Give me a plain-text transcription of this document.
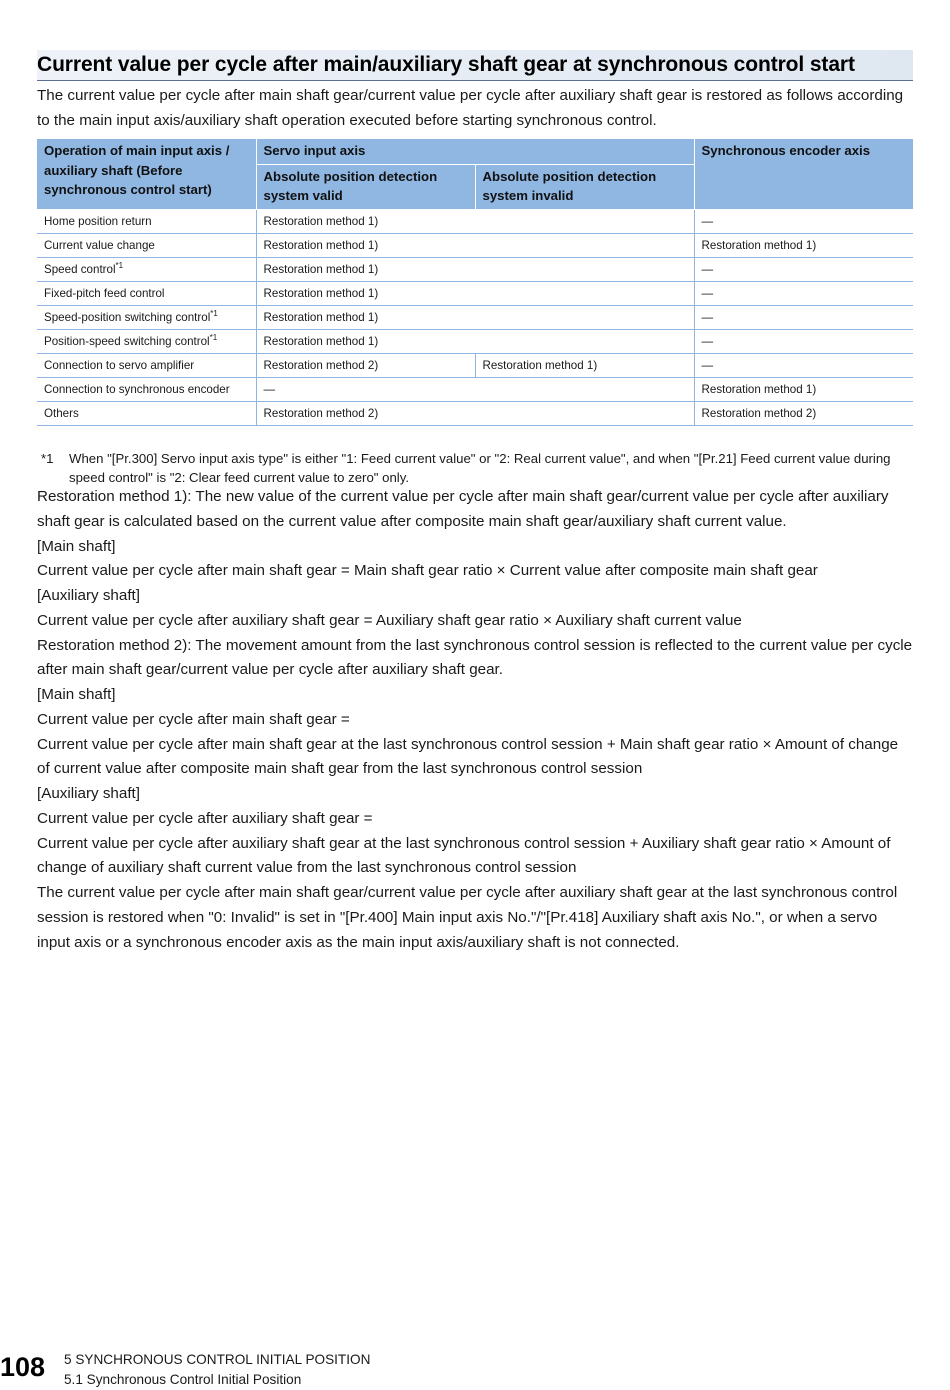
Current value per cycle after main/auxiliary shaft gear at synchronous control start

The current value per cycle after main shaft gear/current value per cycle after auxiliary shaft gear is restored as follows according to the main input axis/auxiliary shaft operation executed before starting synchronous control.

Operation of main input axis / auxiliary shaft (Before synchronous control start)	Servo input axis		Synchronous encoder axis
	Absolute position detection system valid	Absolute position detection system invalid	
Home position return	Restoration method 1)		—
Current value change	Restoration method 1)		Restoration method 1)
Speed control$^{*1}$	Restoration method 1)		—
Fixed-pitch feed control	Restoration method 1)		—
Speed-position switching control$^{*1}$	Restoration method 1)		—
Position-speed switching control$^{*1}$	Restoration method 1)		—
Connection to servo amplifier	Restoration method 2)	Restoration method 1)	—
Connection to synchronous encoder	—		Restoration method 1)
Others	Restoration method 2)		Restoration method 2)
*1 When "[Pr.300] Servo input axis type" is either "1: Feed current value" or "2: Real current value", and when "[Pr.21] Feed current value during speed control" is "2: Clear feed current value to zero" only.

Restoration method 1): The new value of the current value per cycle after main shaft gear/current value per cycle after auxiliary shaft gear is calculated based on the current value after composite main shaft gear/auxiliary shaft current value.

[Main shaft]

Current value per cycle after main shaft gear = Main shaft gear ratio × Current value after composite main shaft gear

[Auxiliary shaft]

Current value per cycle after auxiliary shaft gear = Auxiliary shaft gear ratio × Auxiliary shaft current value

Restoration method 2): The movement amount from the last synchronous control session is reflected to the current value per cycle after main shaft gear/current value per cycle after auxiliary shaft gear.

[Main shaft]

Current value per cycle after main shaft gear =

Current value per cycle after main shaft gear at the last synchronous control session + Main shaft gear ratio × Amount of change of current value after composite main shaft gear from the last synchronous control session

[Auxiliary shaft]

Current value per cycle after auxiliary shaft gear =

Current value per cycle after auxiliary shaft gear at the last synchronous control session + Auxiliary shaft gear ratio × Amount of change of auxiliary shaft current value from the last synchronous control session

The current value per cycle after main shaft gear/current value per cycle after auxiliary shaft gear at the last synchronous control session is restored when "0: Invalid" is set in "[Pr.400] Main input axis No."/"[Pr.418] Auxiliary shaft axis No.", or when a servo input axis or a synchronous encoder axis as the main input axis/auxiliary shaft is not connected.

108 5 SYNCHRONOUS CONTROL INITIAL POSITION
5.1 Synchronous Control Initial Position
